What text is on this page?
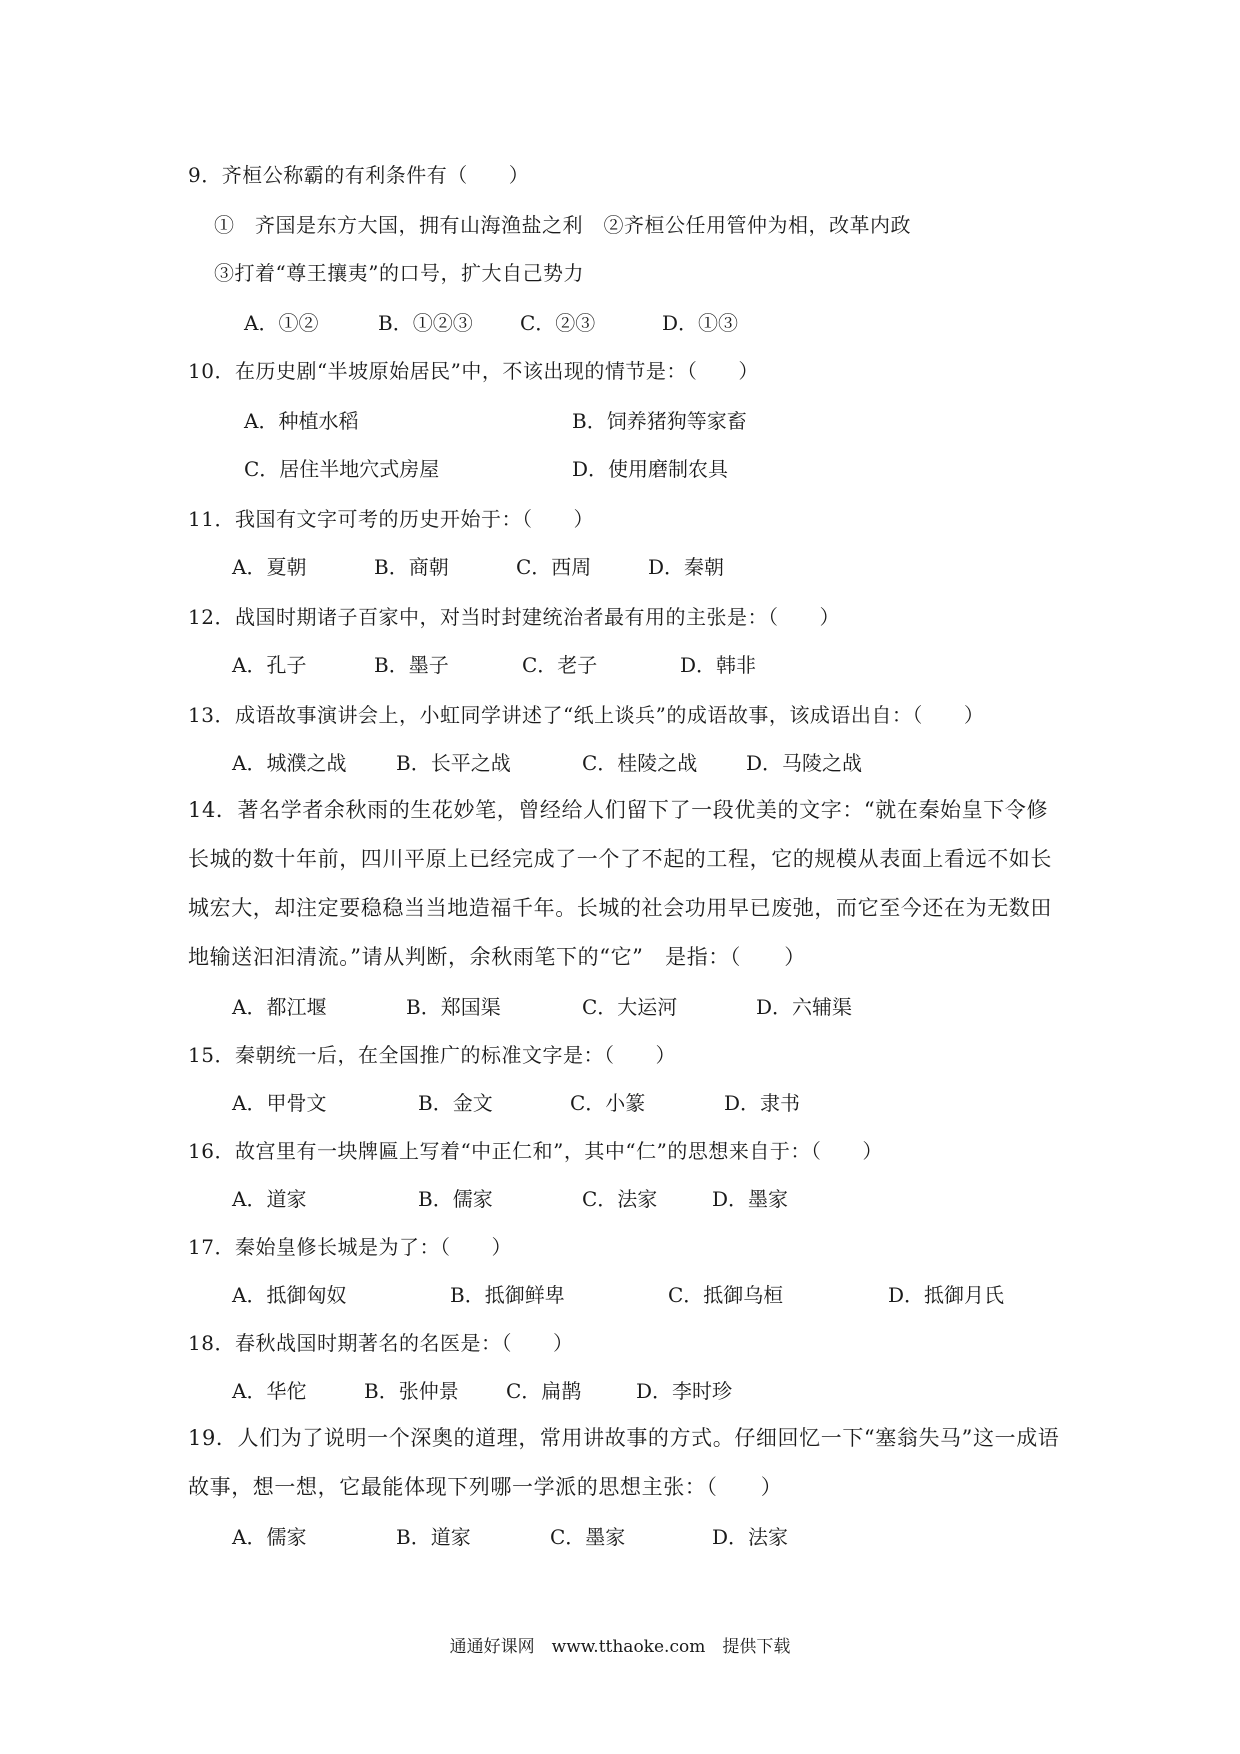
9．齐桓公称霸的有利条件有（　　）
①　齐国是东方大国，拥有山海渔盐之利　②齐桓公任用管仲为相，改革内政
③打着“尊王攘夷”的口号，扩大自己势力
A．①②	B．①②③ C．②③	D．①③
10．在历史剧“半坡原始居民”中，不该出现的情节是：（　　）
A．种植水稻	B．饲养猪狗等家畜
C．居住半地穴式房屋	D．使用磨制农具
11．我国有文字可考的历史开始于：（　　）
A．夏朝	B．商朝	C．西周	D．秦朝
12．战国时期诸子百家中，对当时封建统治者最有用的主张是：（　　）
A．孔子	B．墨子	C．老子	D．韩非
13．成语故事演讲会上，小虹同学讲述了“纸上谈兵”的成语故事，该成语出自：（　　）
A．城濮之战 B．长平之战	C．桂陵之战 D．马陵之战
14．著名学者余秋雨的生花妙笔，曾经给人们留下了一段优美的文字：“就在秦始皇下令修长城的数十年前，四川平原上已经完成了一个了不起的工程，它的规模从表面上看远不如长城宏大，却注定要稳稳当当地造福千年。长城的社会功用早已废弛，而它至今还在为无数田地输送汩汩清流。”请从判断，余秋雨笔下的“它”　是指：（　　）
A．都江堰	B．郑国渠	C．大运河	D．六辅渠
15．秦朝统一后，在全国推广的标准文字是：（　　）
A．甲骨文	B．金文	C．小篆	D．隶书
16．故宫里有一块牌匾上写着“中正仁和”，其中“仁”的思想来自于：（　　）
A．道家	B．儒家	C．法家	D．墨家
17．秦始皇修长城是为了：（　　）
A．抵御匈奴	B．抵御鲜卑	C．抵御乌桓	D．抵御月氏
18．春秋战国时期著名的名医是：（　　）
A．华佗	B．张仲景 C．扁鹊	D．李时珍
19．人们为了说明一个深奥的道理，常用讲故事的方式。仔细回忆一下“塞翁失马”这一成语故事，想一想，它最能体现下列哪一学派的思想主张：（　　）
A．儒家	B．道家	C．墨家	D．法家
通通好课网　www.tthaoke.com　提供下载
